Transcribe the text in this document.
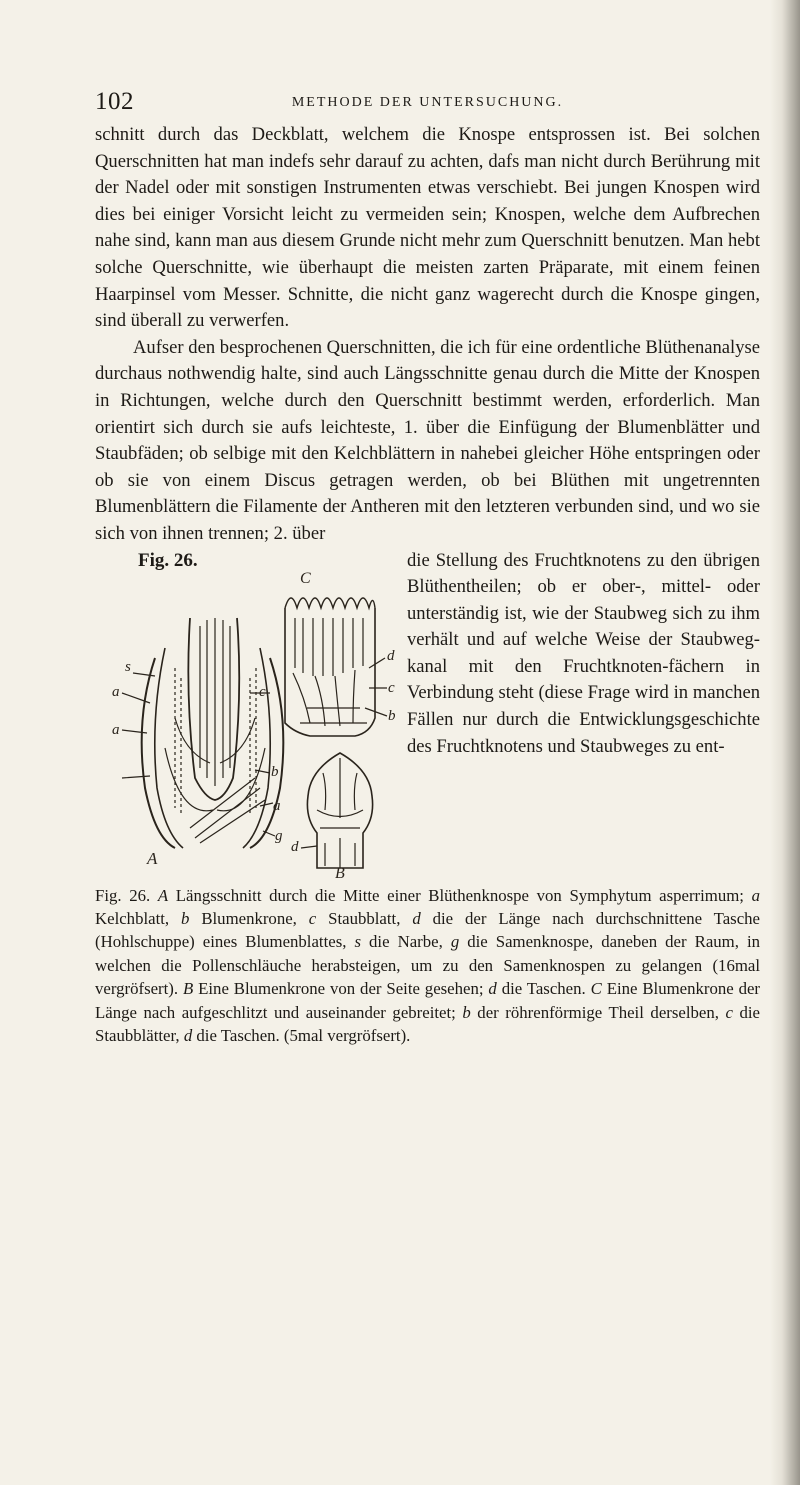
102	METHODE DER UNTERSUCHUNG.

schnitt durch das Deckblatt, welchem die Knospe entsprossen ist. Bei solchen Querschnitten hat man indefs sehr darauf zu achten, dafs man nicht durch Berührung mit der Nadel oder mit sonstigen Instrumenten etwas verschiebt. Bei jungen Knospen wird dies bei einiger Vorsicht leicht zu vermeiden sein; Knospen, welche dem Aufbrechen nahe sind, kann man aus diesem Grunde nicht mehr zum Querschnitt benutzen. Man hebt solche Querschnitte, wie überhaupt die meisten zarten Präparate, mit einem feinen Haarpinsel vom Messer. Schnitte, die nicht ganz wagerecht durch die Knospe gingen, sind überall zu verwerfen.

Aufser den besprochenen Querschnitten, die ich für eine ordentliche Blüthenanalyse durchaus nothwendig halte, sind auch Längsschnitte genau durch die Mitte der Knospen in Richtungen, welche durch den Querschnitt bestimmt werden, erforderlich. Man orientirt sich durch sie aufs leichteste, 1. über die Einfügung der Blumenblätter und Staubfäden; ob selbige mit den Kelchblättern in nahebei gleicher Höhe entspringen oder ob sie von einem Discus getragen werden, ob bei Blüthen mit ungetrennten Blumenblättern die Filamente der Antheren mit den letzteren verbunden sind, und wo sie sich von ihnen trennen; 2. über

s
a
a
c
b
g
d
c
b
d
a
A
C
B
Fig. 26.	die Stellung des Fruchtknotens zu den übrigen Blüthentheilen; ob er ober-, mittel- oder unterständig ist, wie der Staubweg sich zu ihm verhält und auf welche Weise der Staubweg-kanal mit den Fruchtknoten-fächern in Verbindung steht (diese Frage wird in manchen Fällen nur durch die Entwicklungsgeschichte des Fruchtknotens und Staubweges zu ent-
Fig. 26. A Längsschnitt durch die Mitte einer Blüthenknospe von Symphytum asperrimum; a Kelchblatt, b Blumenkrone, c Staubblatt, d die der Länge nach durchschnittene Tasche (Hohlschuppe) eines Blumenblattes, s die Narbe, g die Samenknospe, daneben der Raum, in welchen die Pollenschläuche herabsteigen, um zu den Samenknospen zu gelangen (16mal vergröfsert). B Eine Blumenkrone von der Seite gesehen; d die Taschen. C Eine Blumenkrone der Länge nach aufgeschlitzt und auseinander gebreitet; b der röhrenförmige Theil derselben, c die Staubblätter, d die Taschen. (5mal vergröfsert).
